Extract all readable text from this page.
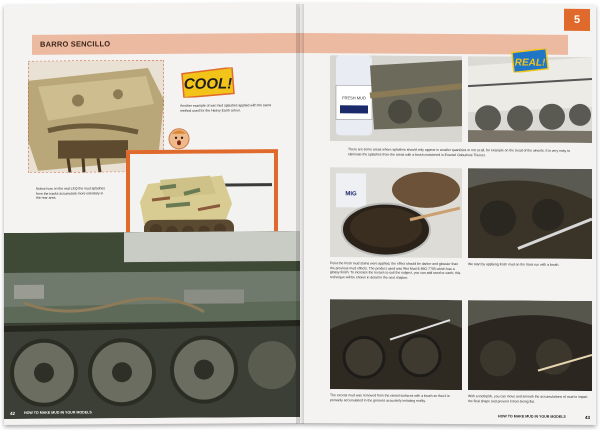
BARRO SENCILLO
COOL!
Another example of wet mud splashes applied with the same method used for the Heavy Earth colour.
Notice how on the real LEQ the mud splashes from the tracks accumulate more intensely in the rear area.
HOW TO MAKE MUD IN YOUR MODELS
42
5
FRESH MUD
REAL!
There are some areas where splashes should only appear in smaller quantities or not at all, for example on the tread of the wheels. It is very easy to eliminate the splashes from the areas with a brush moistened in Enamel Odourless Thinner.
MIG
Point the fresh mud stains were applied, the effect should be darker and glossier than the previous mud effects. The product used was Wet Mud & MIG-7705 which has a glossy finish. To increase the texture to suit the subject, you can add sand or earth; this technique will be shown in detail in the next chapter.
We start by applying fresh mud on the track run with a brush.
The excess mud was removed from the raised surfaces with a brush so that it is primarily accumulated in the grooves accurately imitating reality.
With a toothpick, you can move and smooth the accumulations of mud to impart the final shape and prevent it from being flat.
HOW TO MAKE MUD IN YOUR MODELS	43
